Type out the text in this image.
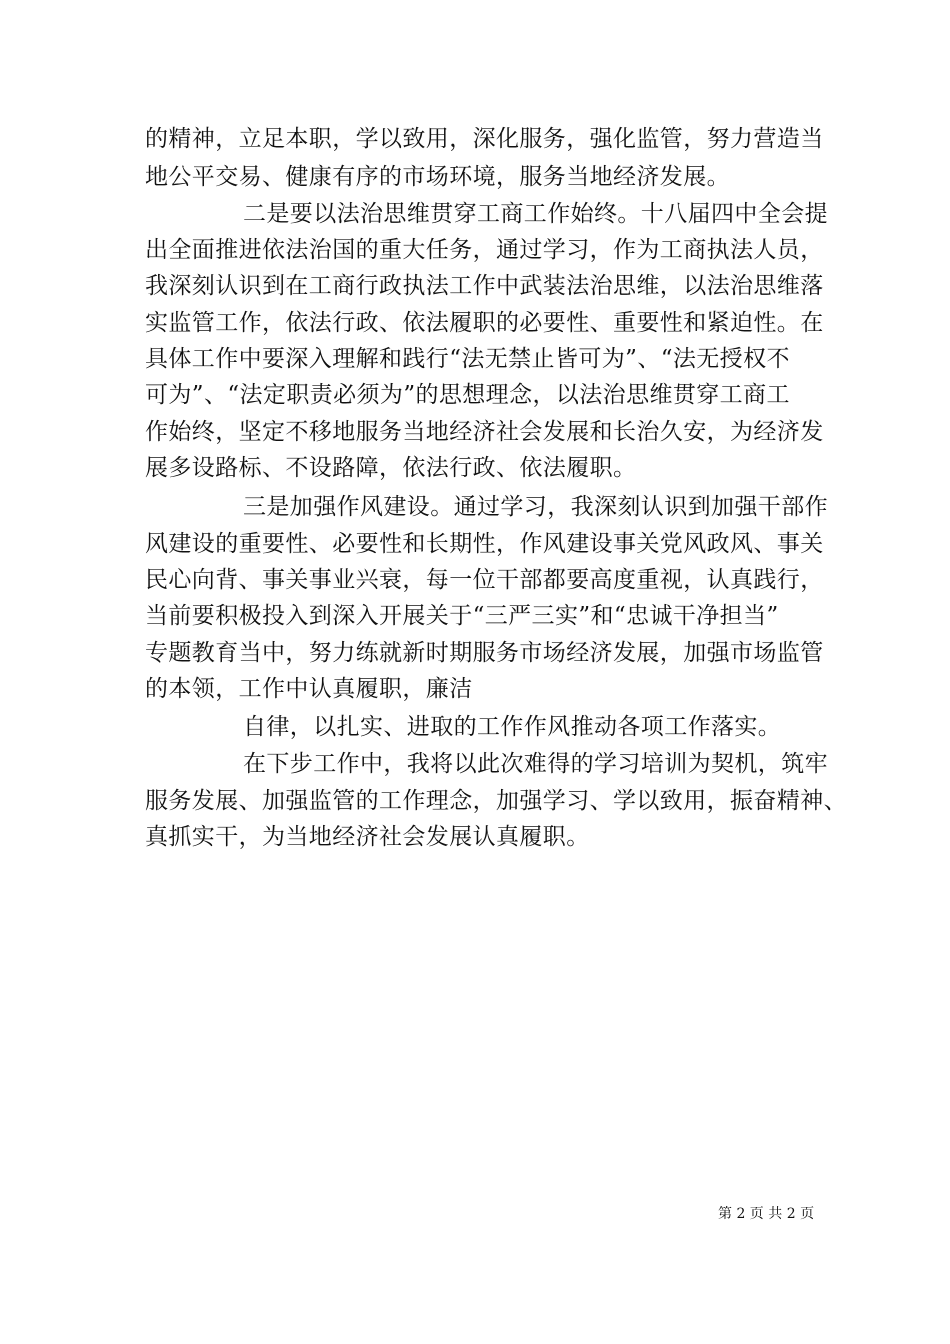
的精神，立足本职，学以致用，深化服务，强化监管，努力营造当
地公平交易、健康有序的市场环境，服务当地经济发展。
二是要以法治思维贯穿工商工作始终。十八届四中全会提
出全面推进依法治国的重大任务，通过学习，作为工商执法人员，
我深刻认识到在工商行政执法工作中武装法治思维，以法治思维落
实监管工作，依法行政、依法履职的必要性、重要性和紧迫性。在
具体工作中要深入理解和践行“法无禁止皆可为”、“法无授权不
可为”、“法定职责必须为”的思想理念，以法治思维贯穿工商工
作始终，坚定不移地服务当地经济社会发展和长治久安，为经济发
展多设路标、不设路障，依法行政、依法履职。
三是加强作风建设。通过学习，我深刻认识到加强干部作
风建设的重要性、必要性和长期性，作风建设事关党风政风、事关
民心向背、事关事业兴衰，每一位干部都要高度重视，认真践行，
当前要积极投入到深入开展关于“三严三实”和“忠诚干净担当”
专题教育当中，努力练就新时期服务市场经济发展，加强市场监管
的本领，工作中认真履职，廉洁
自律，以扎实、进取的工作作风推动各项工作落实。
在下步工作中，我将以此次难得的学习培训为契机，筑牢
服务发展、加强监管的工作理念，加强学习、学以致用，振奋精神、
真抓实干，为当地经济社会发展认真履职。
第 2 页 共 2 页
